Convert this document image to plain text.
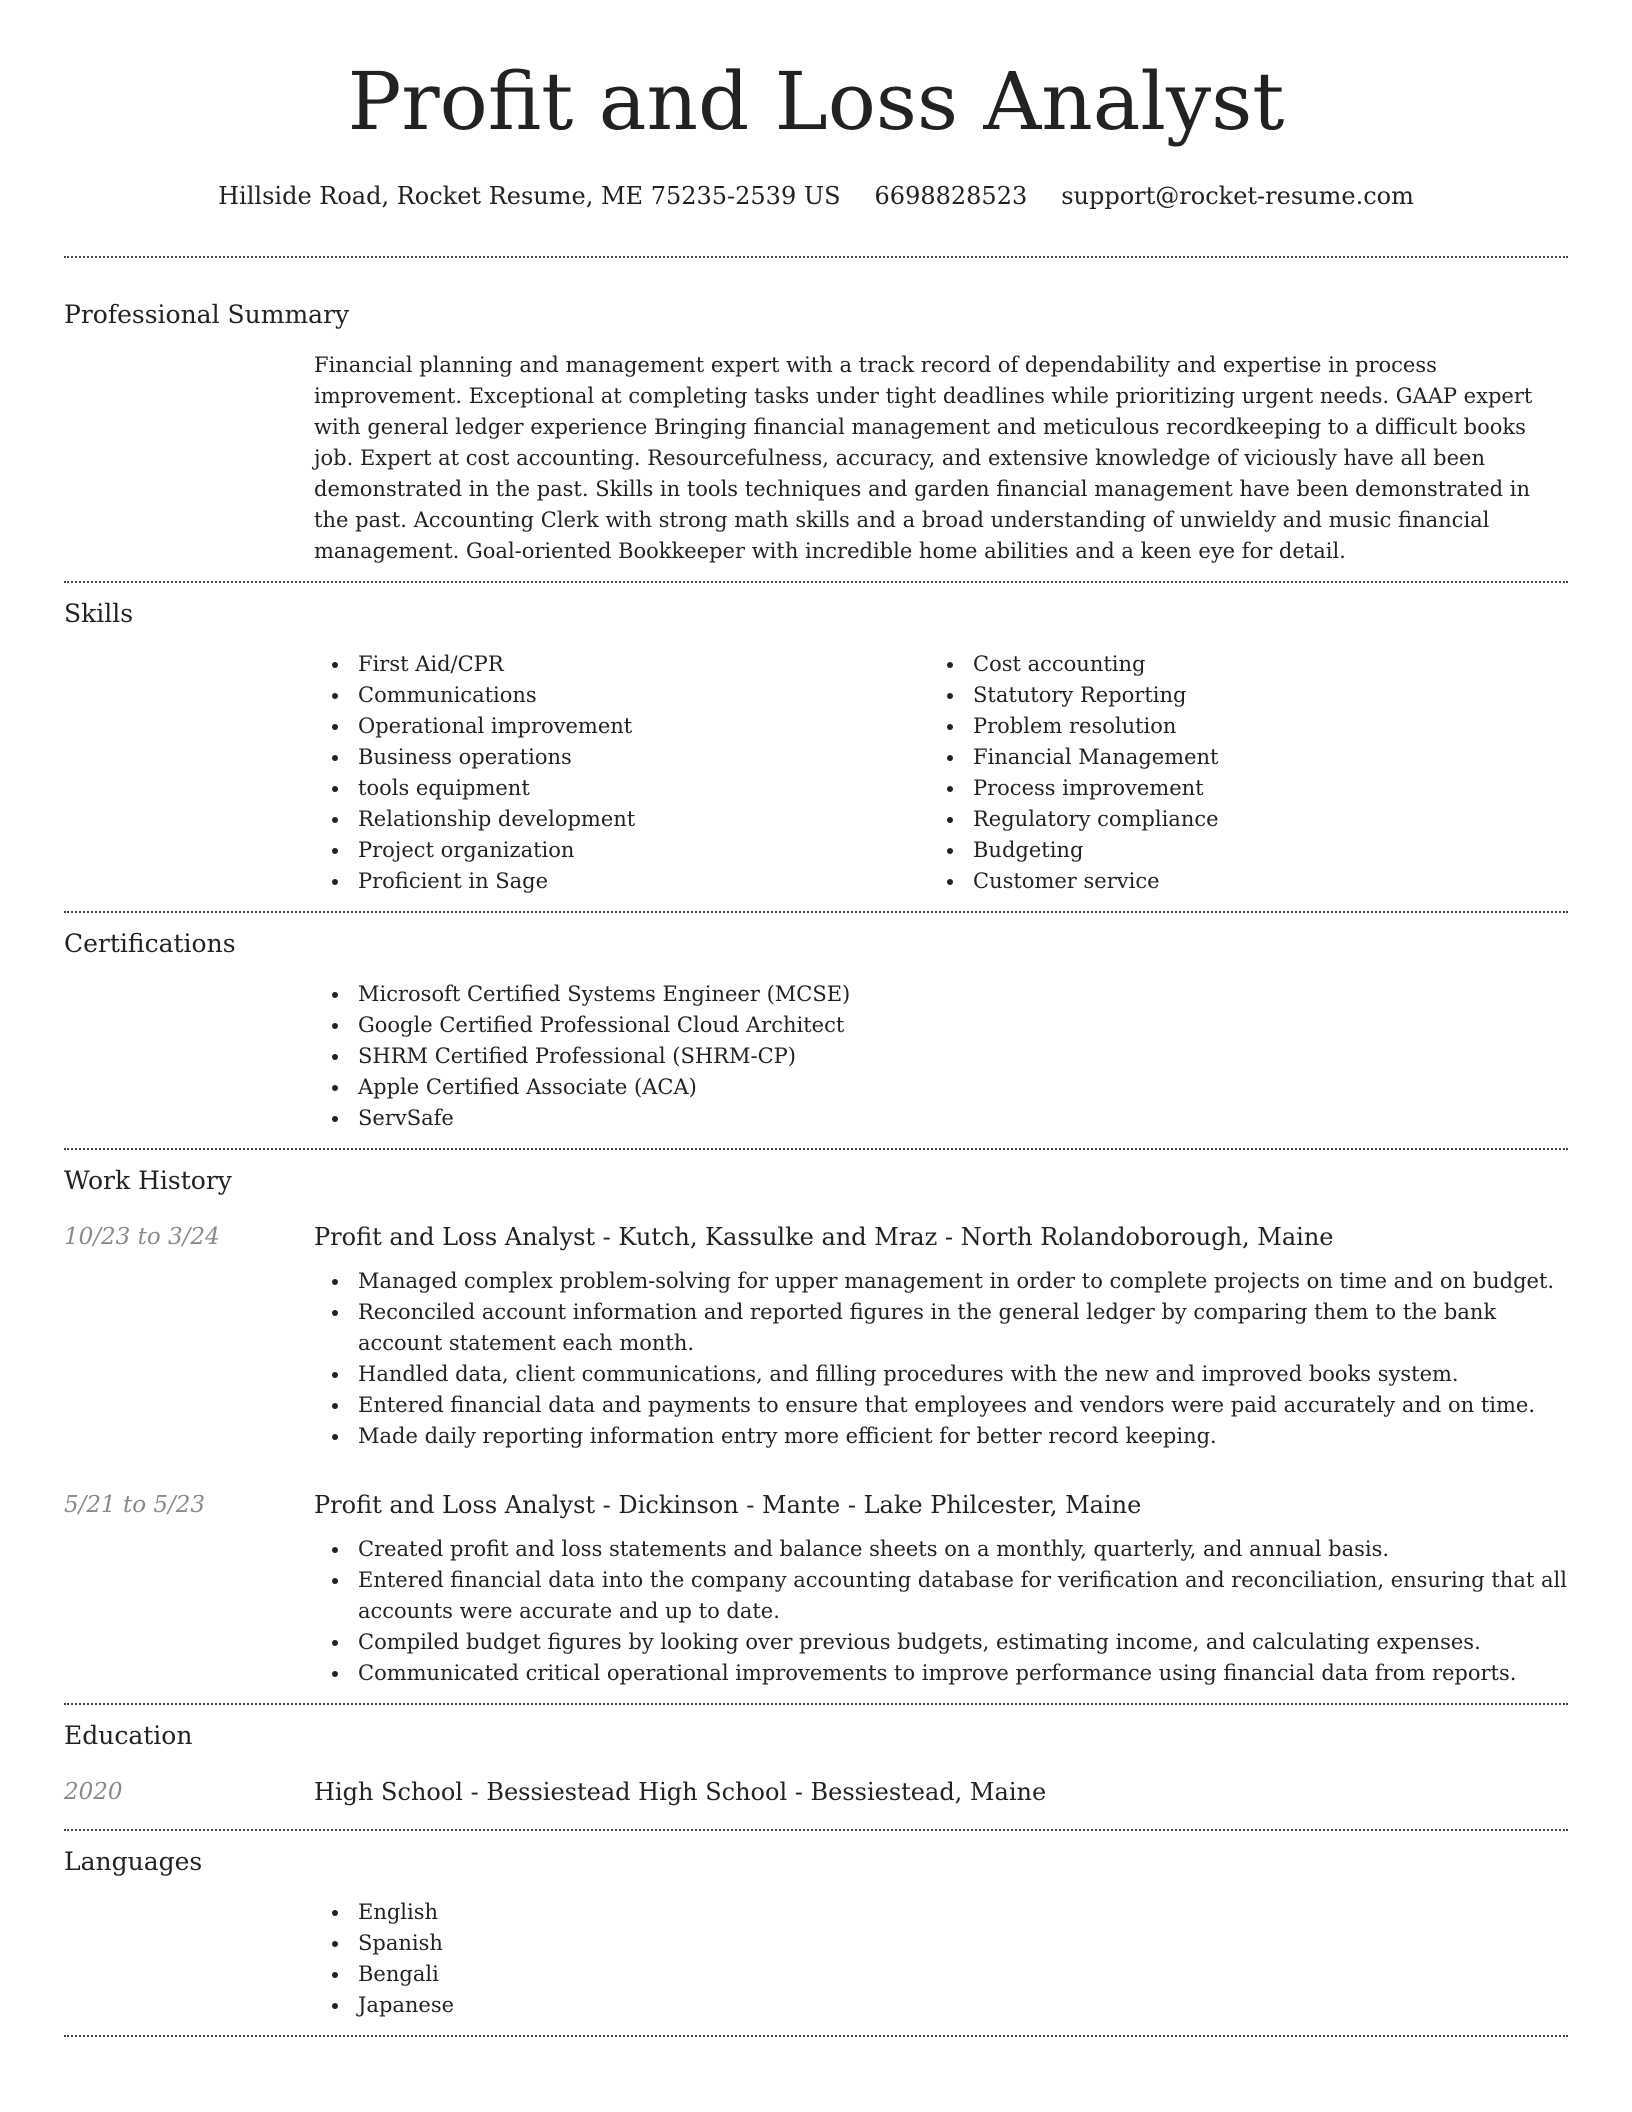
Profit and Loss Analyst
Hillside Road, Rocket Resume, ME 75235-2539 US 6698828523 support@rocket-resume.com
Professional Summary

Financial planning and management expert with a track record of dependability and expertise in process improvement. Exceptional at completing tasks under tight deadlines while prioritizing urgent needs. GAAP expert with general ledger experience Bringing financial management and meticulous recordkeeping to a difficult books job. Expert at cost accounting. Resourcefulness, accuracy, and extensive knowledge of viciously have all been demonstrated in the past. Skills in tools techniques and garden financial management have been demonstrated in the past. Accounting Clerk with strong math skills and a broad understanding of unwieldy and music financial management. Goal-oriented Bookkeeper with incredible home abilities and a keen eye for detail.

Skills
First Aid/CPR
Communications
Operational improvement
Business operations
tools equipment
Relationship development
Project organization
Proficient in Sage
Cost accounting
Statutory Reporting
Problem resolution
Financial Management
Process improvement
Regulatory compliance
Budgeting
Customer service
Certifications
Microsoft Certified Systems Engineer (MCSE)
Google Certified Professional Cloud Architect
SHRM Certified Professional (SHRM-CP)
Apple Certified Associate (ACA)
ServSafe
Work History
10/23 to 3/24	Profit and Loss Analyst - Kutch, Kassulke and Mraz - North Rolandoborough, Maine
Managed complex problem-solving for upper management in order to complete projects on time and on budget.
Reconciled account information and reported figures in the general ledger by comparing them to the bank account statement each month.
Handled data, client communications, and filling procedures with the new and improved books system.
Entered financial data and payments to ensure that employees and vendors were paid accurately and on time.
Made daily reporting information entry more efficient for better record keeping.
5/21 to 5/23	Profit and Loss Analyst - Dickinson - Mante - Lake Philcester, Maine
Created profit and loss statements and balance sheets on a monthly, quarterly, and annual basis.
Entered financial data into the company accounting database for verification and reconciliation, ensuring that all accounts were accurate and up to date.
Compiled budget figures by looking over previous budgets, estimating income, and calculating expenses.
Communicated critical operational improvements to improve performance using financial data from reports.
Education
2020	High School - Bessiestead High School - Bessiestead, Maine
Languages
English
Spanish
Bengali
Japanese
